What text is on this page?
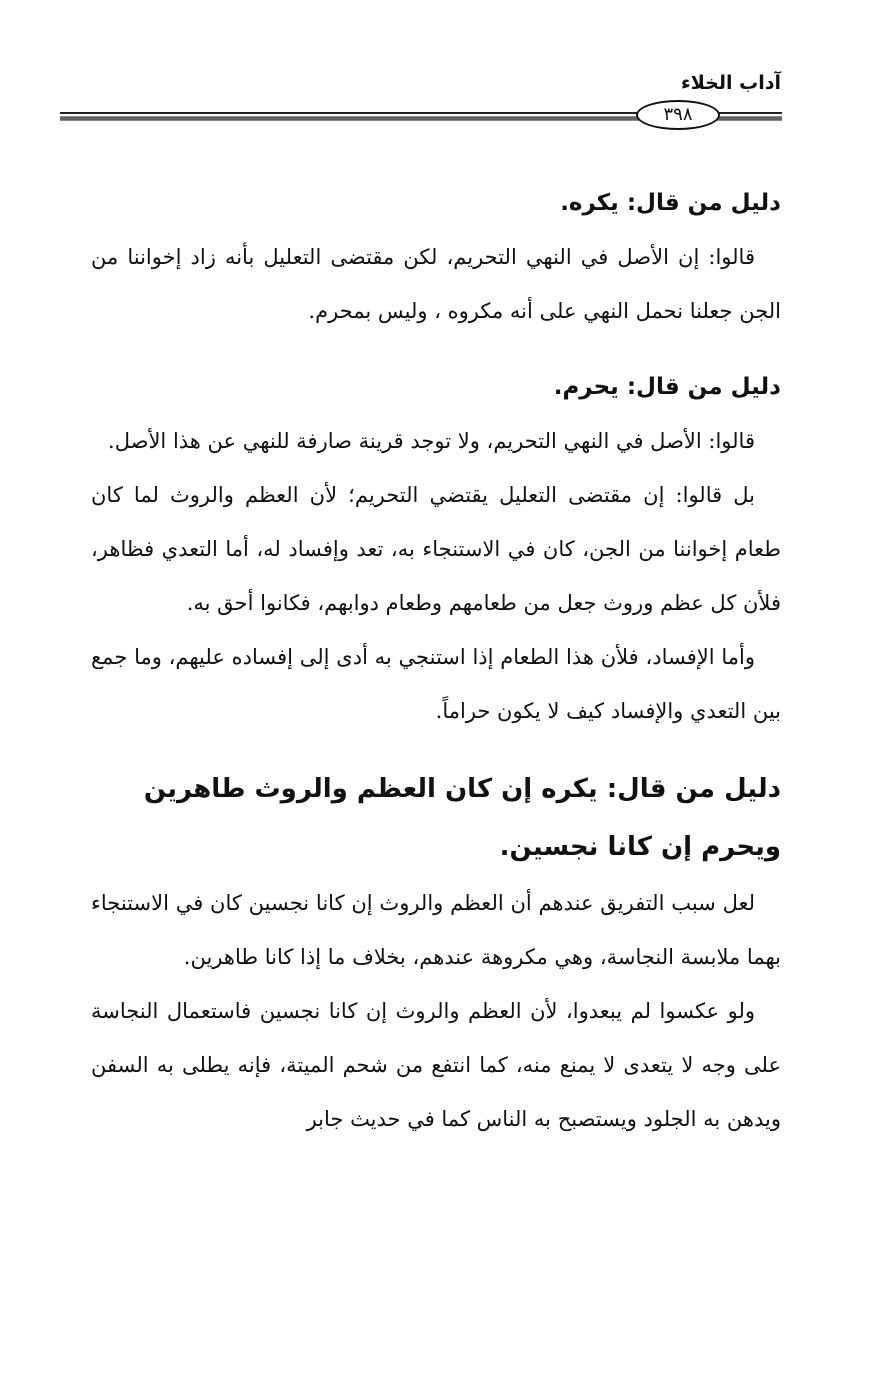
آداب الخلاء
٣٩٨
دليل من قال: يكره.

قالوا: إن الأصل في النهي التحريم، لكن مقتضى التعليل بأنه زاد إخواننا من الجن جعلنا نحمل النهي على أنه مكروه ، وليس بمحرم.

دليل من قال: يحرم.

قالوا: الأصل في النهي التحريم، ولا توجد قرينة صارفة للنهي عن هذا الأصل.

بل قالوا: إن مقتضى التعليل يقتضي التحريم؛ لأن العظم والروث لما كان طعام إخواننا من الجن، كان في الاستنجاء به، تعد وإفساد له، أما التعدي فظاهر، فلأن كل عظم وروث جعل من طعامهم وطعام دوابهم، فكانوا أحق به.

وأما الإفساد، فلأن هذا الطعام إذا استنجي به أدى إلى إفساده عليهم، وما جمع بين التعدي والإفساد كيف لا يكون حراماً.

دليل من قال: يكره إن كان العظم والروث طاهرين ويحرم إن كانا نجسين.

لعل سبب التفريق عندهم أن العظم والروث إن كانا نجسين كان في الاستنجاء بهما ملابسة النجاسة، وهي مكروهة عندهم، بخلاف ما إذا كانا طاهرين.

ولو عكسوا لم يبعدوا، لأن العظم والروث إن كانا نجسين فاستعمال النجاسة على وجه لا يتعدى لا يمنع منه، كما انتفع من شحم الميتة، فإنه يطلى به السفن ويدهن به الجلود ويستصبح به الناس كما في حديث جابر
